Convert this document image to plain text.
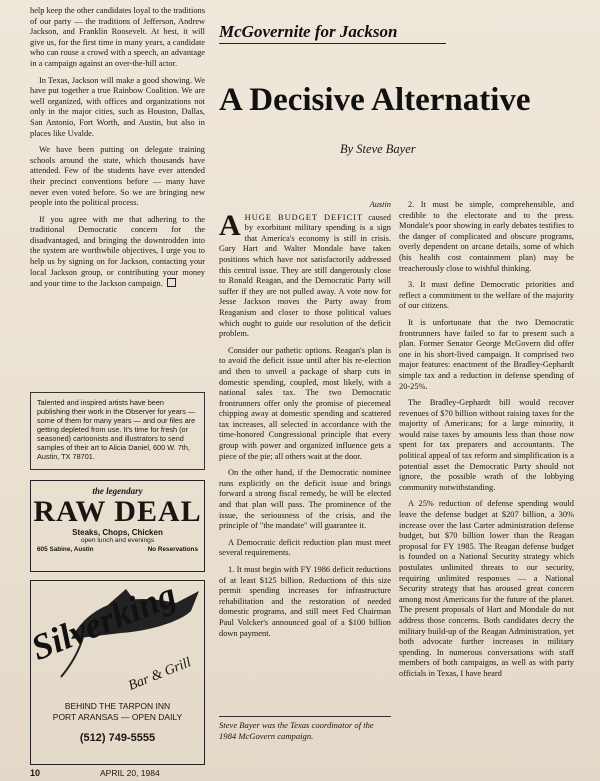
help keep the other candidates loyal to the traditions of our party — the traditions of Jefferson, Andrew Jackson, and Franklin Roosevelt. At best, it will give us, for the first time in many years, a candidate who can rouse a crowd with a speech, an advantage in a campaign against an over-the-hill actor.

In Texas, Jackson will make a good showing. We have put together a true Rainbow Coalition. We are well organized, with offices and organizations not only in the major cities, such as Houston, Dallas, San Antonio, Fort Worth, and Austin, but also in places like Uvalde.

We have been putting on delegate training schools around the state, which thousands have attended. Few of the students have ever attended their precinct conventions before — many have never even voted before. So we are bringing new people into the political process.

If you agree with me that adhering to the traditional Democratic concern for the disadvantaged, and bringing the downtrodden into the system are worthwhile objectives, I urge you to help us by signing on for Jackson, contacting your local Jackson group, or contributing your money and your time to the Jackson campaign.

Talented and inspired artists have been publishing their work in the Observer for years — some of them for many years — and our files are getting depleted from use. It's time for fresh (or seasoned) cartoonists and illustrators to send samples of their art to Alicia Daniel, 600 W. 7th, Austin, TX 78701.
the legendary
RAW DEAL
Steaks, Chops, Chicken
open lunch and evenings
605 Sabine, Austin	No Reservations
Silverking
Bar & Grill
BEHIND THE TARPON INN
PORT ARANSAS — OPEN DAILY
(512) 749-5555
McGovernite for Jackson
A Decisive Alternative
By Steve Bayer
Austin

AHUGE BUDGET DEFICIT caused by exorbitant military spending is a sign that America's economy is still in crisis. Gary Hart and Walter Mondale have taken positions which have not satisfactorily addressed this central issue. They are still dangerously close to Ronald Reagan, and the Democratic Party will suffer if they are not pulled away. A vote now for Jesse Jackson moves the Party away from Reaganism and closer to those political values which ought to guide our resolution of the deficit problem.

Consider our pathetic options. Reagan's plan is to avoid the deficit issue until after his re-election and then to unveil a package of sharp cuts in domestic spending, coupled, most likely, with a national sales tax. The two Democratic frontrunners offer only the promise of piecemeal chipping away at domestic spending and scattered tax increases, all selected in accordance with the time-honored Congressional principle that every group with power and organized influence gets a piece of the pie; all others wait at the door.

On the other hand, if the Democratic nominee runs explicitly on the deficit issue and brings forward a strong fiscal remedy, he will be elected and that plan will pass. The prominence of the issue, the seriousness of the crisis, and the principle of "the mandate" will guarantee it.

A Democratic deficit reduction plan must meet several requirements.

1. It must begin with FY 1986 deficit reductions of at least $125 billion. Reductions of this size permit spending increases for infrastructure rehabilitation and the restoration of needed domestic programs, and still meet Fed Chairman Paul Volcker's announced goal of a $100 billion down payment.

Steve Bayer was the Texas coordinator of the 1984 McGovern campaign.

2. It must be simple, comprehensible, and credible to the electorate and to the press. Mondale's poor showing in early debates testifies to the danger of complicated and obscure programs, overly dependent on arcane details, some of which (his health cost containment plan) may be treacherously close to wishful thinking.

3. It must define Democratic priorities and reflect a commitment to the welfare of the majority of our citizens.

It is unfortunate that the two Democratic frontrunners have failed so far to present such a plan. Former Senator George McGovern did offer one in his short-lived campaign. It comprised two major features: enactment of the Bradley-Gephardt simple tax and a reduction in defense spending of 20-25%.

The Bradley-Gephardt bill would recover revenues of $70 billion without raising taxes for the majority of Americans; for a large minority, it would raise taxes by amounts less than those now spent for tax preparers and accountants. The political appeal of tax reform and simplification is a potential asset the Democratic Party should not ignore, the possible wrath of the lobbying community notwithstanding.

A 25% reduction of defense spending would leave the defense budget at $207 billion, a 30% increase over the last Carter administration defense budget, but $70 billion lower than the Reagan proposal for FY 1985. The Reagan defense budget is founded on a National Security strategy which postulates unlimited threats to our security, requiring unlimited responses — a National Security strategy that has aroused great concern among most Americans for the future of the planet. The present proposals of Hart and Mondale do not address those concerns. Both candidates decry the military build-up of the Reagan Administration, yet both advocate further increases in military spending. In numerous conversations with staff members of both campaigns, as well as with party officials in Texas, I have heard

10	APRIL 20, 1984
